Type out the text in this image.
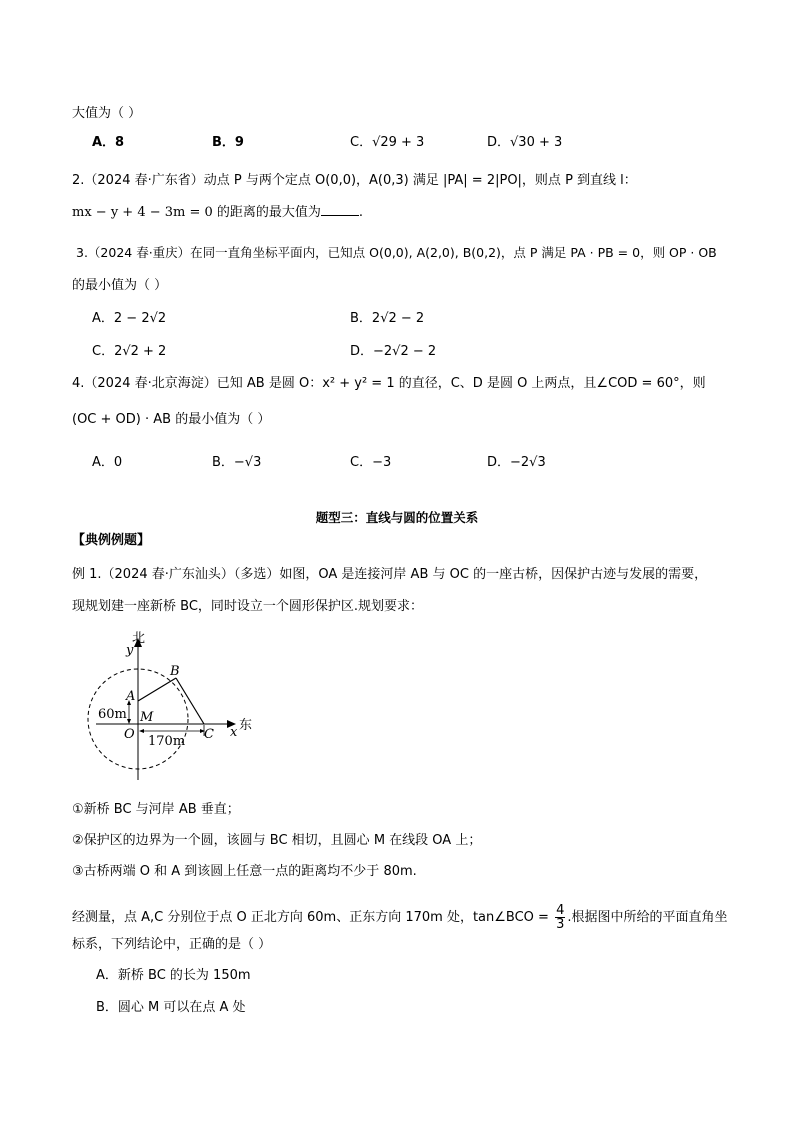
大值为（ ）
A．8	B．9	C．√29 + 3	D．√30 + 3
2.（2024 春·广东省）动点 P 与两个定点 O(0,0)，A(0,3) 满足 |PA| = 2|PO|，则点 P 到直线 l：
mx − y + 4 − 3m = 0 的距离的最大值为	.
3.（2024 春·重庆）在同一直角坐标平面内，已知点 O(0,0), A(2,0), B(0,2)，点 P 满足 PA · PB = 0，则 OP · OB
的最小值为（ ）
A．2 − 2√2	B．2√2 − 2
C．2√2 + 2	D．−2√2 − 2
4.（2024 春·北京海淀）已知 AB 是圆 O：x² + y² = 1 的直径，C、D 是圆 O 上两点，且∠COD = 60°，则
(OC + OD) · AB 的最小值为（ ）
A．0	B．−√3	C．−3	D．−2√3
题型三：直线与圆的位置关系
【典例例题】
例 1.（2024 春·广东汕头）（多选）如图，OA 是连接河岸 AB 与 OC 的一座古桥，因保护古迹与发展的需要，
现规划建一座新桥 BC，同时设立一个圆形保护区.规划要求：
北
y
B
A
60m M
O 170m C x 东
①新桥 BC 与河岸 AB 垂直；
②保护区的边界为一个圆，该圆与 BC 相切，且圆心 M 在线段 OA 上；
③古桥两端 O 和 A 到该圆上任意一点的距离均不少于 80m.
经测量，点 A,C 分别位于点 O 正北方向 60m、正东方向 170m 处，tan∠BCO = $\frac{4}{3}$ .根据图中所给的平面直角坐
标系，下列结论中，正确的是（ ）
A．新桥 BC 的长为 150m
B．圆心 M 可以在点 A 处
